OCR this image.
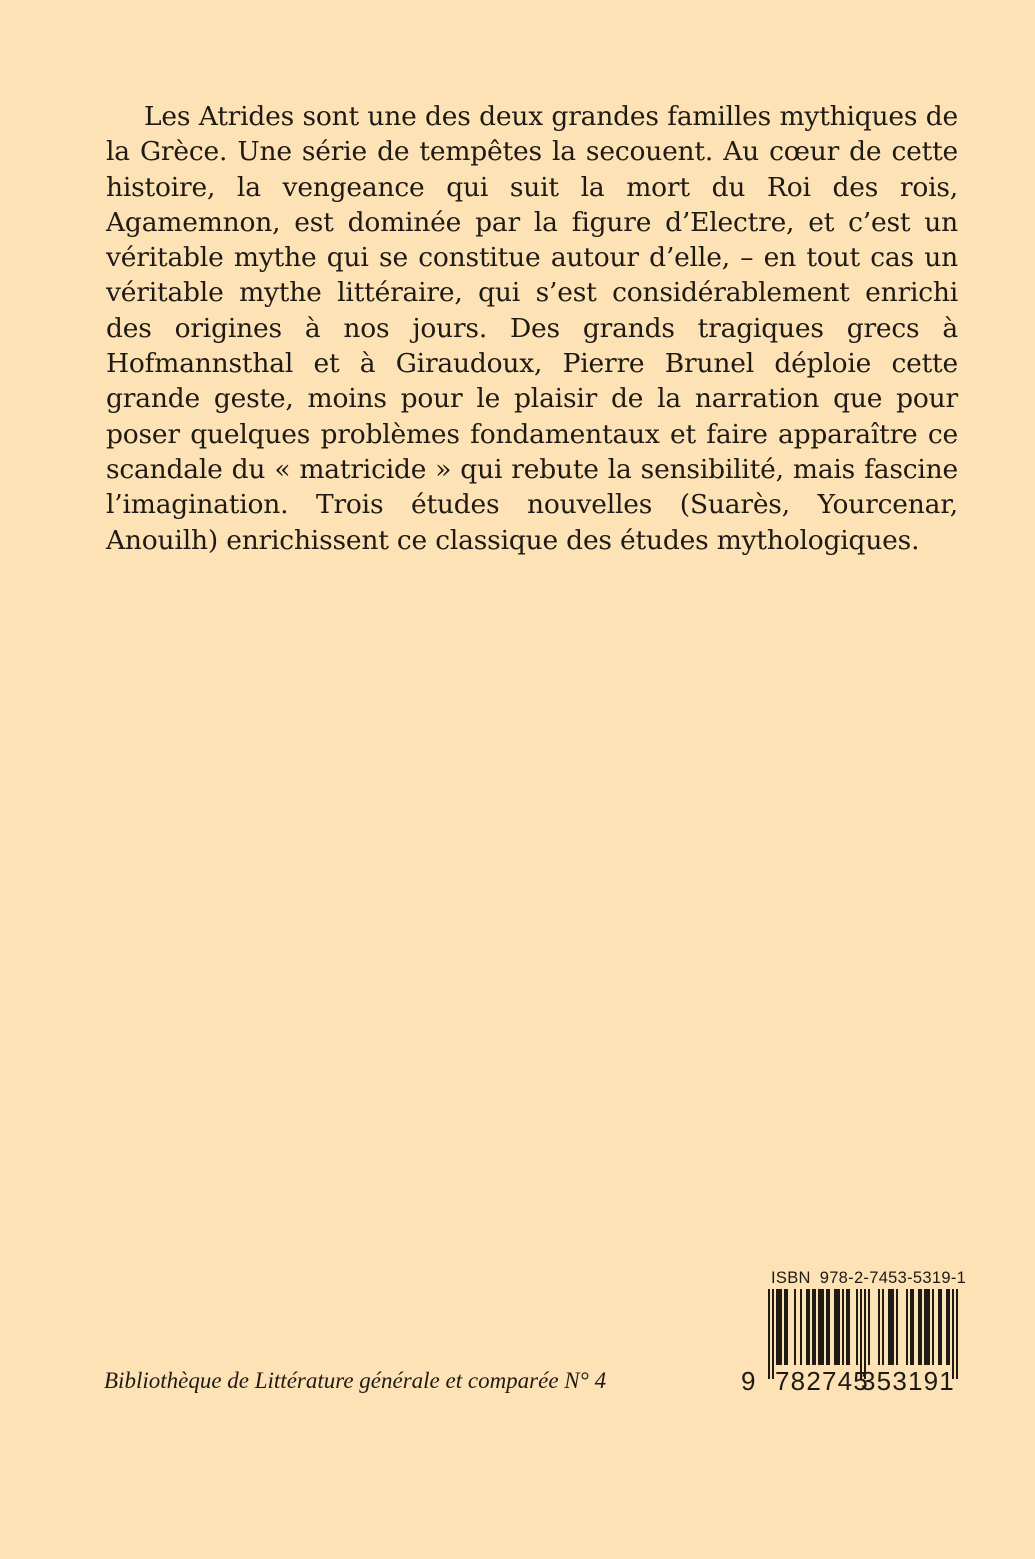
Les Atrides sont une des deux grandes familles mythiques de la Grèce. Une série de tempêtes la secouent. Au cœur de cette histoire, la vengeance qui suit la mort du Roi des rois, Agamemnon, est dominée par la figure d’Electre, et c’est un véritable mythe qui se constitue autour d’elle, – en tout cas un véritable mythe littéraire, qui s’est considérablement enrichi des origines à nos jours. Des grands tragiques grecs à Hofmannsthal et à Giraudoux, Pierre Brunel déploie cette grande geste, moins pour le plaisir de la narration que pour poser quelques problèmes fondamentaux et faire apparaître ce scandale du « matricide » qui rebute la sensibilité, mais fascine l’imagination. Trois études nouvelles (Suarès, Yourcenar, Anouilh) enrichissent ce classique des études mythologiques.

Bibliothèque de Littérature générale et comparée N° 4
ISBN 978-2-7453-5319-1
9 782745
353191
